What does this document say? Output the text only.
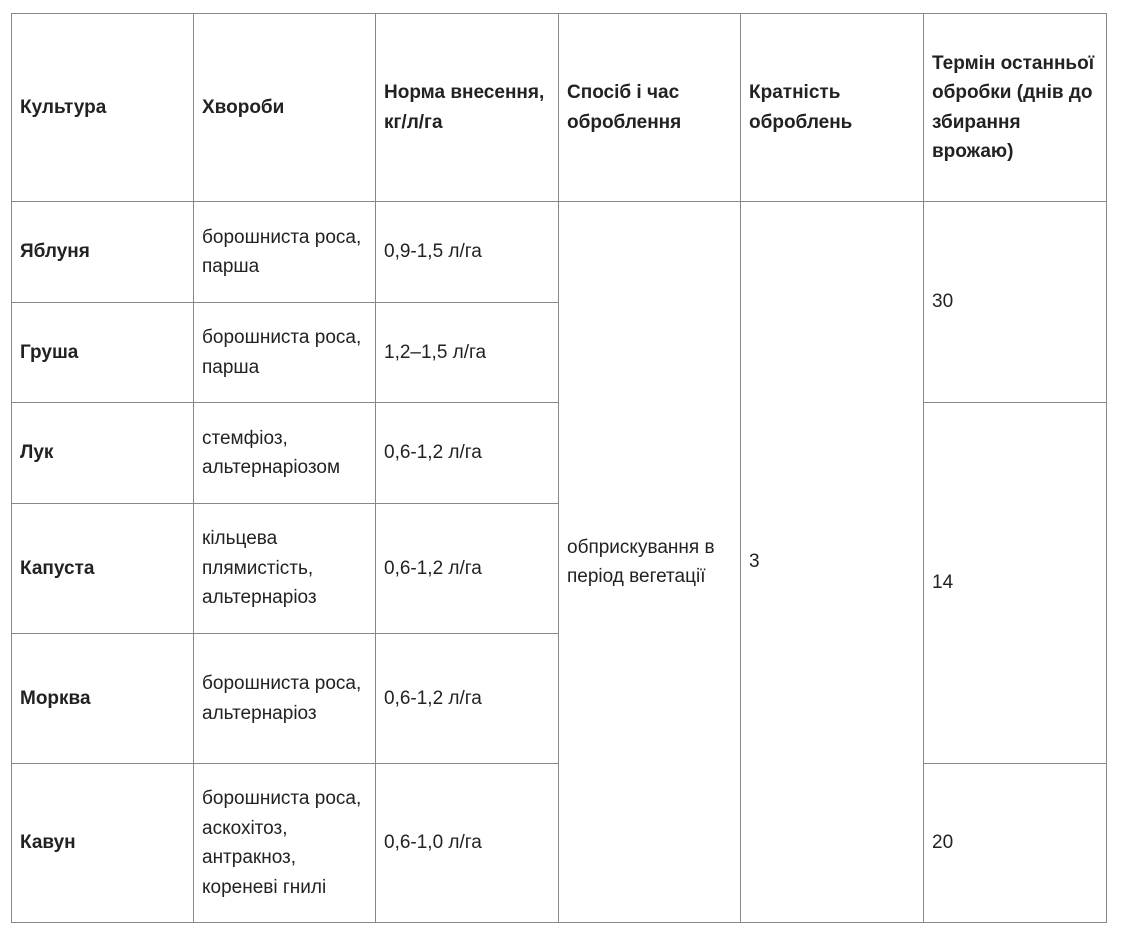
Культура	Хвороби	Норма внесення, кг/л/га	Спосіб і час оброблення	Кратність оброблень	Термін останньої обробки (днів до збирання врожаю)
Яблуня	борошниста роса, парша	0,9-1,5 л/га	обприскування в період вегетації	3	30
Груша	борошниста роса, парша	1,2–1,5 л/га			
Лук	стемфіоз, альтернаріозом	0,6-1,2 л/га			14
Капуста	кільцева плямистість, альтернаріоз	0,6-1,2 л/га			
Морква	борошниста роса, альтернаріоз	0,6-1,2 л/га			
Кавун	борошниста роса, аскохітоз, антракноз, кореневі гнилі	0,6-1,0 л/га			20
